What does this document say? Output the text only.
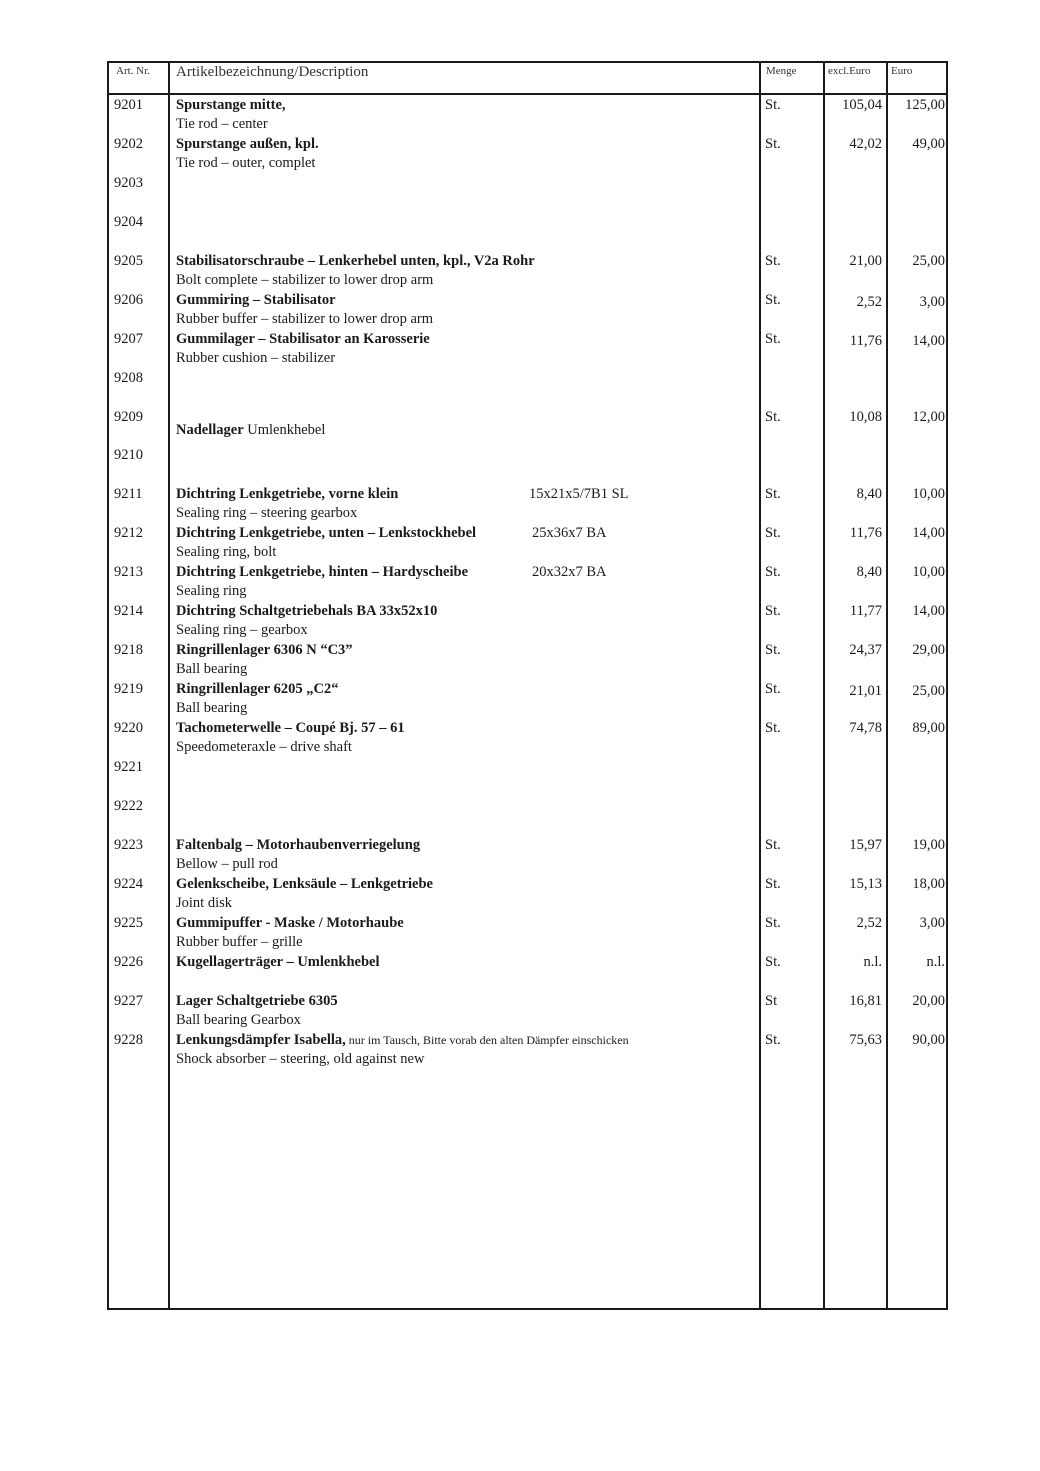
Art. Nr. Artikelbezeichnung/Description	Menge	excl.Euro Euro
9201 Spurstange mitte,
Tie rod – center
St.	105,04	125,00
9202 Spurstange außen, kpl.
Tie rod – outer, complet
St.	42,02	49,00
9203
9204
9205 Stabilisatorschraube – Lenkerhebel unten, kpl., V2a Rohr
Bolt complete – stabilizer to lower drop arm
St.	21,00	25,00
9206 Gummiring – Stabilisator
Rubber buffer – stabilizer to lower drop arm
St.	2,52	3,00
9207 Gummilager – Stabilisator an Karosserie
Rubber cushion – stabilizer
St.	11,76	14,00
9208
9209
Nadellager Umlenkhebel
St.	10,08	12,00
9210
9211 Dichtring Lenkgetriebe, vorne klein	15x21x5/7B1 SL
Sealing ring – steering gearbox
St.	8,40	10,00
9212 Dichtring Lenkgetriebe, unten – Lenkstockhebel	25x36x7 BA
Sealing ring, bolt
St.	11,76	14,00
9213 Dichtring Lenkgetriebe, hinten – Hardyscheibe	20x32x7 BA
Sealing ring
St.	8,40	10,00
9214 Dichtring Schaltgetriebehals BA 33x52x10
Sealing ring – gearbox
St.	11,77	14,00
9218 Ringrillenlager 6306 N “C3”
Ball bearing
St.	24,37	29,00
9219 Ringrillenlager 6205 „C2“
Ball bearing
St.	21,01	25,00
9220 Tachometerwelle – Coupé Bj. 57 – 61
Speedometeraxle – drive shaft
St.	74,78	89,00
9221
9222
9223 Faltenbalg – Motorhaubenverriegelung
Bellow – pull rod
St.	15,97	19,00
9224 Gelenkscheibe, Lenksäule – Lenkgetriebe
Joint disk
St.	15,13	18,00
9225 Gummipuffer - Maske / Motorhaube
Rubber buffer – grille
St.	2,52	3,00
9226 Kugellagerträger – Umlenkhebel	St.	n.l.	n.l.
9227 Lager Schaltgetriebe 6305
Ball bearing Gearbox
St	16,81	20,00
9228 Lenkungsdämpfer Isabella, nur im Tausch, Bitte vorab den alten Dämpfer einschicken
Shock absorber – steering, old against new
St.	75,63	90,00
